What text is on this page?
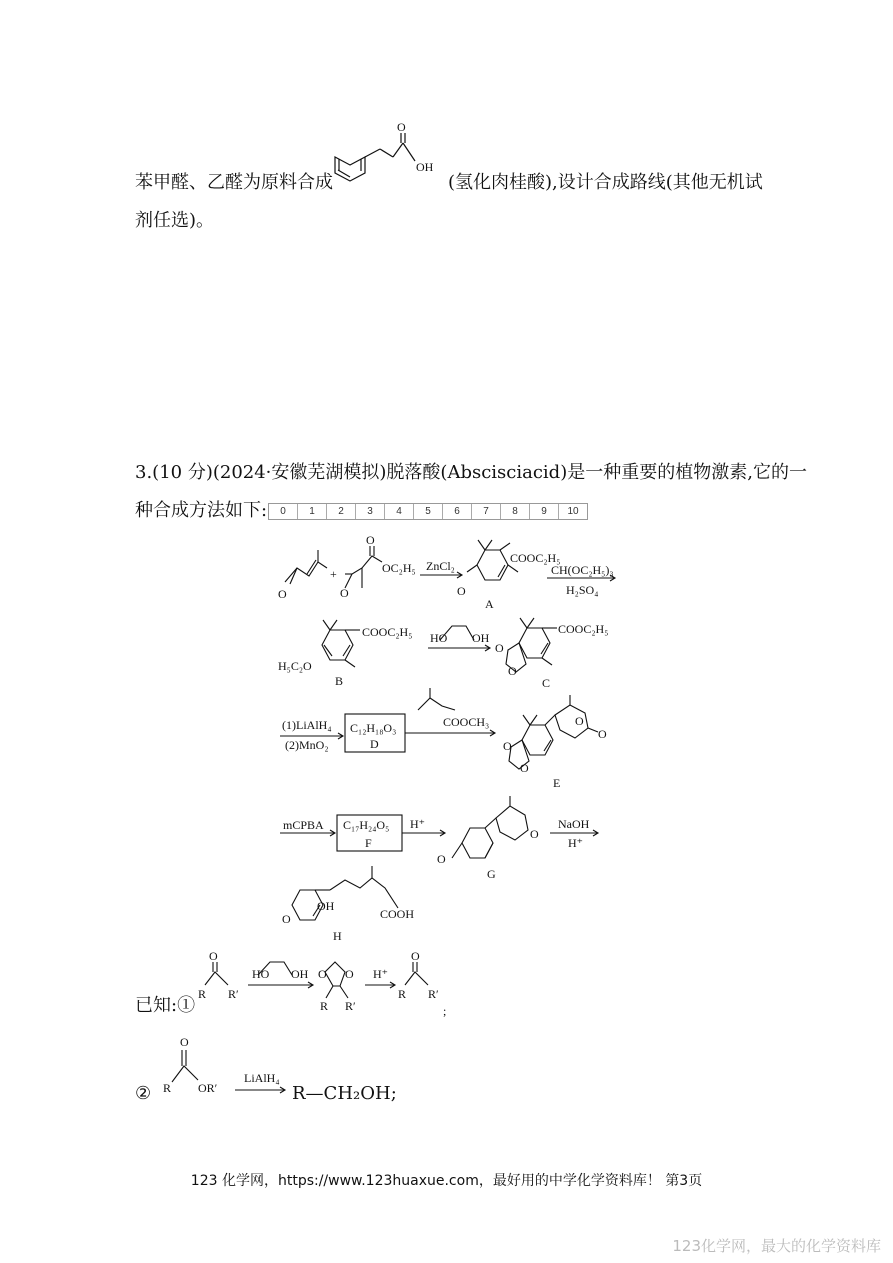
苯甲醛、乙醛为原料合成
O
OH
(氢化肉桂酸),设计合成路线(其他无机试
剂任选)。
3.(10 分)(2024·安徽芜湖模拟)脱落酸(Abscisciacid)是一种重要的植物激素,它的一
种合成方法如下:	0	1	2	3	4	5	6	7	8	9	10
O
+
O
O
OC₂H₅ ZnCl₂
COOC₂H₅
O
A
CH(OC₂H₅)₃
H₂SO₄
COOC₂H₅
H₅C₂O
B
HO OH
COOC₂H₅
O
O
C
(1)LiAlH₄
(2)MnO₂
C₁₂H₁₈O₃
D
COOCH₃
O
O
O
O
E
mCPBA C₁₇H₂₄O₅
F
H⁺
O
O
G
NaOH
H⁺
OH
O	COOH
H
O
R R′
HO OH O O
R R′
H⁺
O
R R′
;
O
R OR′
LiAlH₄
已知:①
②	R—CH₂OH;
123 化学网，https://www.123huaxue.com，最好用的中学化学资料库！ 第3页
123化学网，最大的化学资料库
